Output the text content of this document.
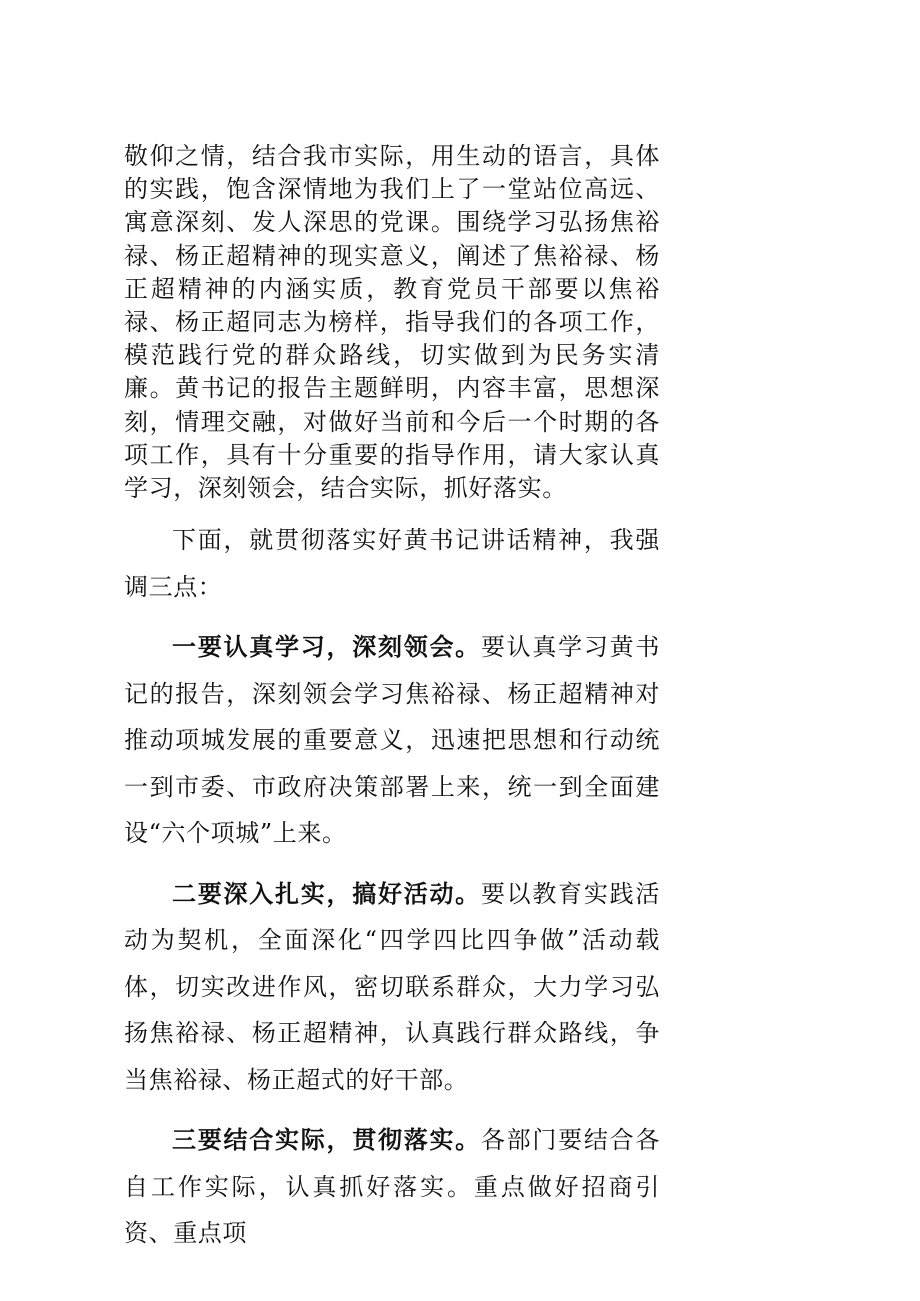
敬仰之情，结合我市实际，用生动的语言，具体的实践，饱含深情地为我们上了一堂站位高远、寓意深刻、发人深思的党课。围绕学习弘扬焦裕禄、杨正超精神的现实意义，阐述了焦裕禄、杨正超精神的内涵实质，教育党员干部要以焦裕禄、杨正超同志为榜样，指导我们的各项工作，模范践行党的群众路线，切实做到为民务实清廉。黄书记的报告主题鲜明，内容丰富，思想深刻，情理交融，对做好当前和今后一个时期的各项工作，具有十分重要的指导作用，请大家认真学习，深刻领会，结合实际，抓好落实。

下面，就贯彻落实好黄书记讲话精神，我强调三点：

一要认真学习，深刻领会。要认真学习黄书记的报告，深刻领会学习焦裕禄、杨正超精神对推动项城发展的重要意义，迅速把思想和行动统一到市委、市政府决策部署上来，统一到全面建设“六个项城”上来。

二要深入扎实，搞好活动。要以教育实践活动为契机，全面深化“四学四比四争做”活动载体，切实改进作风，密切联系群众，大力学习弘扬焦裕禄、杨正超精神，认真践行群众路线，争当焦裕禄、杨正超式的好干部。

三要结合实际，贯彻落实。各部门要结合各自工作实际，认真抓好落实。重点做好招商引资、重点项
